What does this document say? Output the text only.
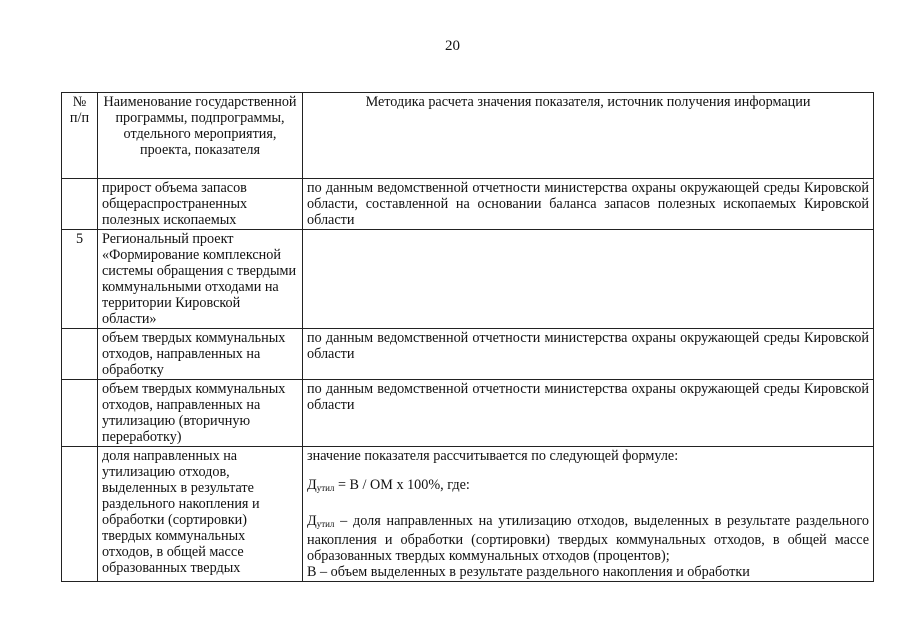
20
№ п/п	Наименование государственной программы, подпрограммы, отдельного мероприятия, проекта, показателя	Методика расчета значения показателя, источник получения информации
	прирост объема запасов общераспространенных полезных ископаемых	по данным ведомственной отчетности министерства охраны окружающей среды Кировской области, составленной на основании баланса запасов полезных ископаемых Кировской области
5	Региональный проект «Формирование комплексной системы обращения с твердыми коммунальными отходами на территории Кировской области»	
	объем твердых коммунальных отходов, направленных на обработку	по данным ведомственной отчетности министерства охраны окружающей среды Кировской области
	объем твердых коммунальных отходов, направленных на утилизацию (вторичную переработку)	по данным ведомственной отчетности министерства охраны окружающей среды Кировской области
	доля направленных на утилизацию отходов, выделенных в результате раздельного накопления и обработки (сортировки) твердых коммунальных отходов, в общей массе образованных твердых	значение показателя рассчитывается по следующей формуле:
$Д_{утил} = В$ / ОМ х 100%, где:
$Д_{утил}$ – доля направленных на утилизацию отходов, выделенных в результате раздельного накопления и обработки (сортировки) твердых коммунальных отходов, в общей массе образованных твердых коммунальных отходов (процентов);
В – объем выделенных в результате раздельного накопления и обработки
